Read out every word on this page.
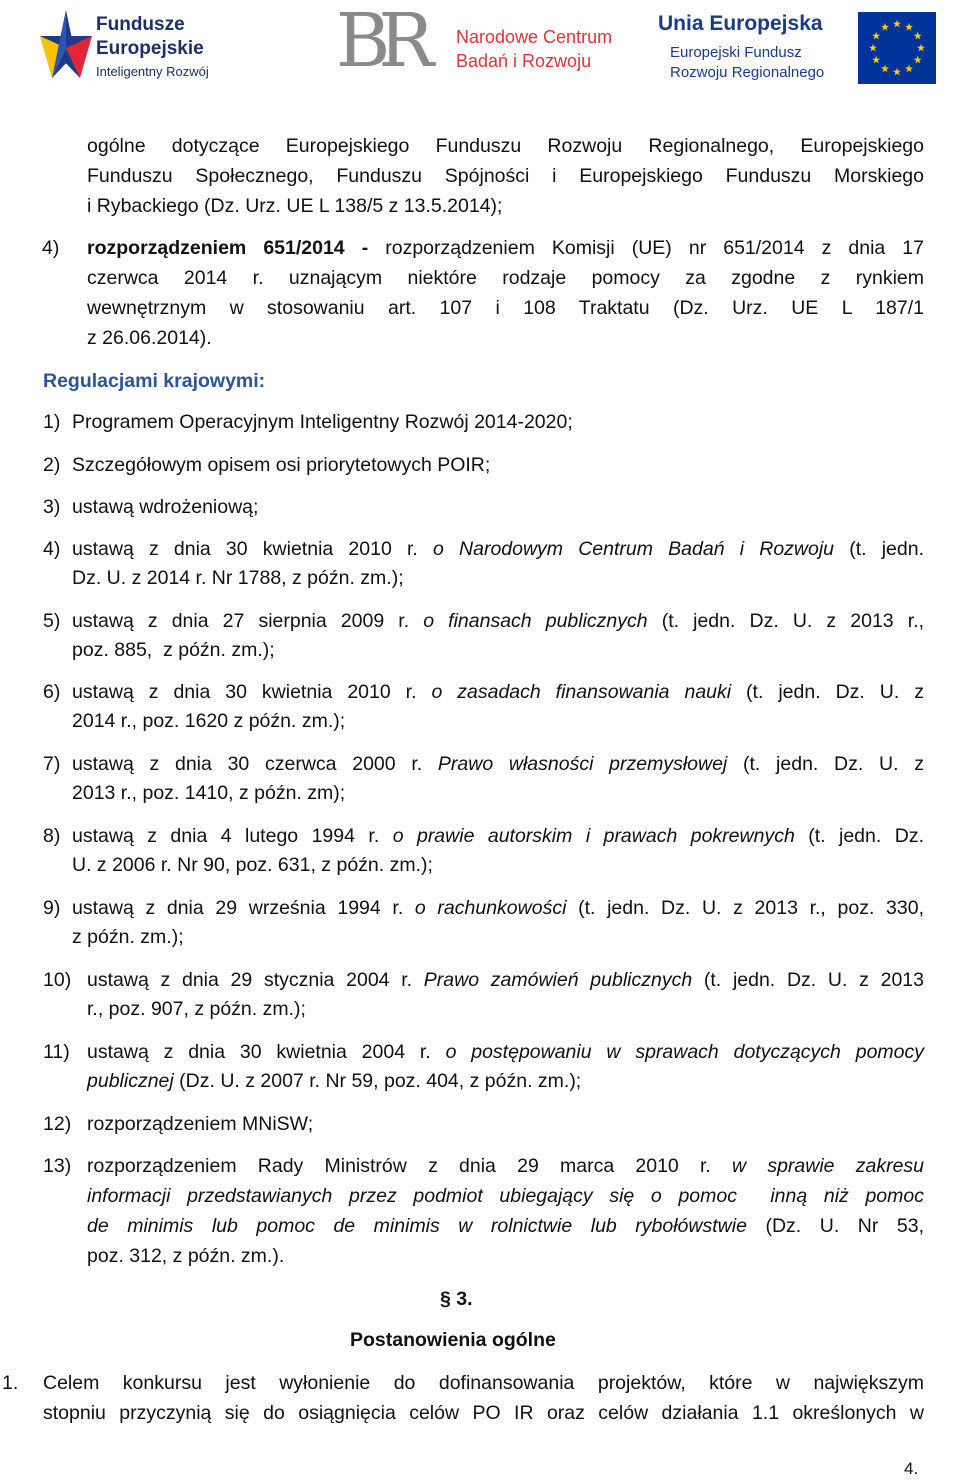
Fundusze
Europejskie
Inteligentny Rozwój BR Narodowe Centrum
Badań i Rozwoju
Unia Europejska
Europejski Fundusz
Rozwoju Regionalnego
ogólne dotyczące Europejskiego Funduszu Rozwoju Regionalnego, Europejskiego
Funduszu Społecznego, Funduszu Spójności i Europejskiego Funduszu Morskiego
i Rybackiego (Dz. Urz. UE L 138/5 z 13.5.2014);
4) rozporządzeniem 651/2014 - rozporządzeniem Komisji (UE) nr 651/2014 z dnia 17
czerwca 2014 r. uznającym niektóre rodzaje pomocy za zgodne z rynkiem
wewnętrznym w stosowaniu art. 107 i 108 Traktatu (Dz. Urz. UE L 187/1
z 26.06.2014).
Regulacjami krajowymi:
1) Programem Operacyjnym Inteligentny Rozwój 2014-2020;
2) Szczegółowym opisem osi priorytetowych POIR;
3) ustawą wdrożeniową;
4) ustawą z dnia 30 kwietnia 2010 r. o Narodowym Centrum Badań i Rozwoju (t. jedn.
Dz. U. z 2014 r. Nr 1788, z późn. zm.);
5) ustawą z dnia 27 sierpnia 2009 r. o finansach publicznych (t. jedn. Dz. U. z 2013 r.,
poz. 885,  z późn. zm.);
6) ustawą z dnia 30 kwietnia 2010 r. o zasadach finansowania nauki (t. jedn. Dz. U. z
2014 r., poz. 1620 z późn. zm.);
7) ustawą z dnia 30 czerwca 2000 r. Prawo własności przemysłowej (t. jedn. Dz. U. z
2013 r., poz. 1410, z późn. zm);
8) ustawą z dnia 4 lutego 1994 r. o prawie autorskim i prawach pokrewnych (t. jedn. Dz.
U. z 2006 r. Nr 90, poz. 631, z późn. zm.);
9) ustawą z dnia 29 września 1994 r. o rachunkowości (t. jedn. Dz. U. z 2013 r., poz. 330,
z późn. zm.);
10) ustawą z dnia 29 stycznia 2004 r. Prawo zamówień publicznych (t. jedn. Dz. U. z 2013
r., poz. 907, z późn. zm.);
11) ustawą z dnia 30 kwietnia 2004 r. o postępowaniu w sprawach dotyczących pomocy
publicznej (Dz. U. z 2007 r. Nr 59, poz. 404, z późn. zm.);
12) rozporządzeniem MNiSW;
13) rozporządzeniem Rady Ministrów z dnia 29 marca 2010 r. w sprawie zakresu
informacji przedstawianych przez podmiot ubiegający się o pomoc  inną niż pomoc
de minimis lub pomoc de minimis w rolnictwie lub rybołówstwie (Dz. U. Nr 53,
poz. 312, z późn. zm.).
§ 3.
Postanowienia ogólne
1. Celem konkursu jest wyłonienie do dofinansowania projektów, które w największym
stopniu przyczynią się do osiągnięcia celów PO IR oraz celów działania 1.1 określonych w
4.
